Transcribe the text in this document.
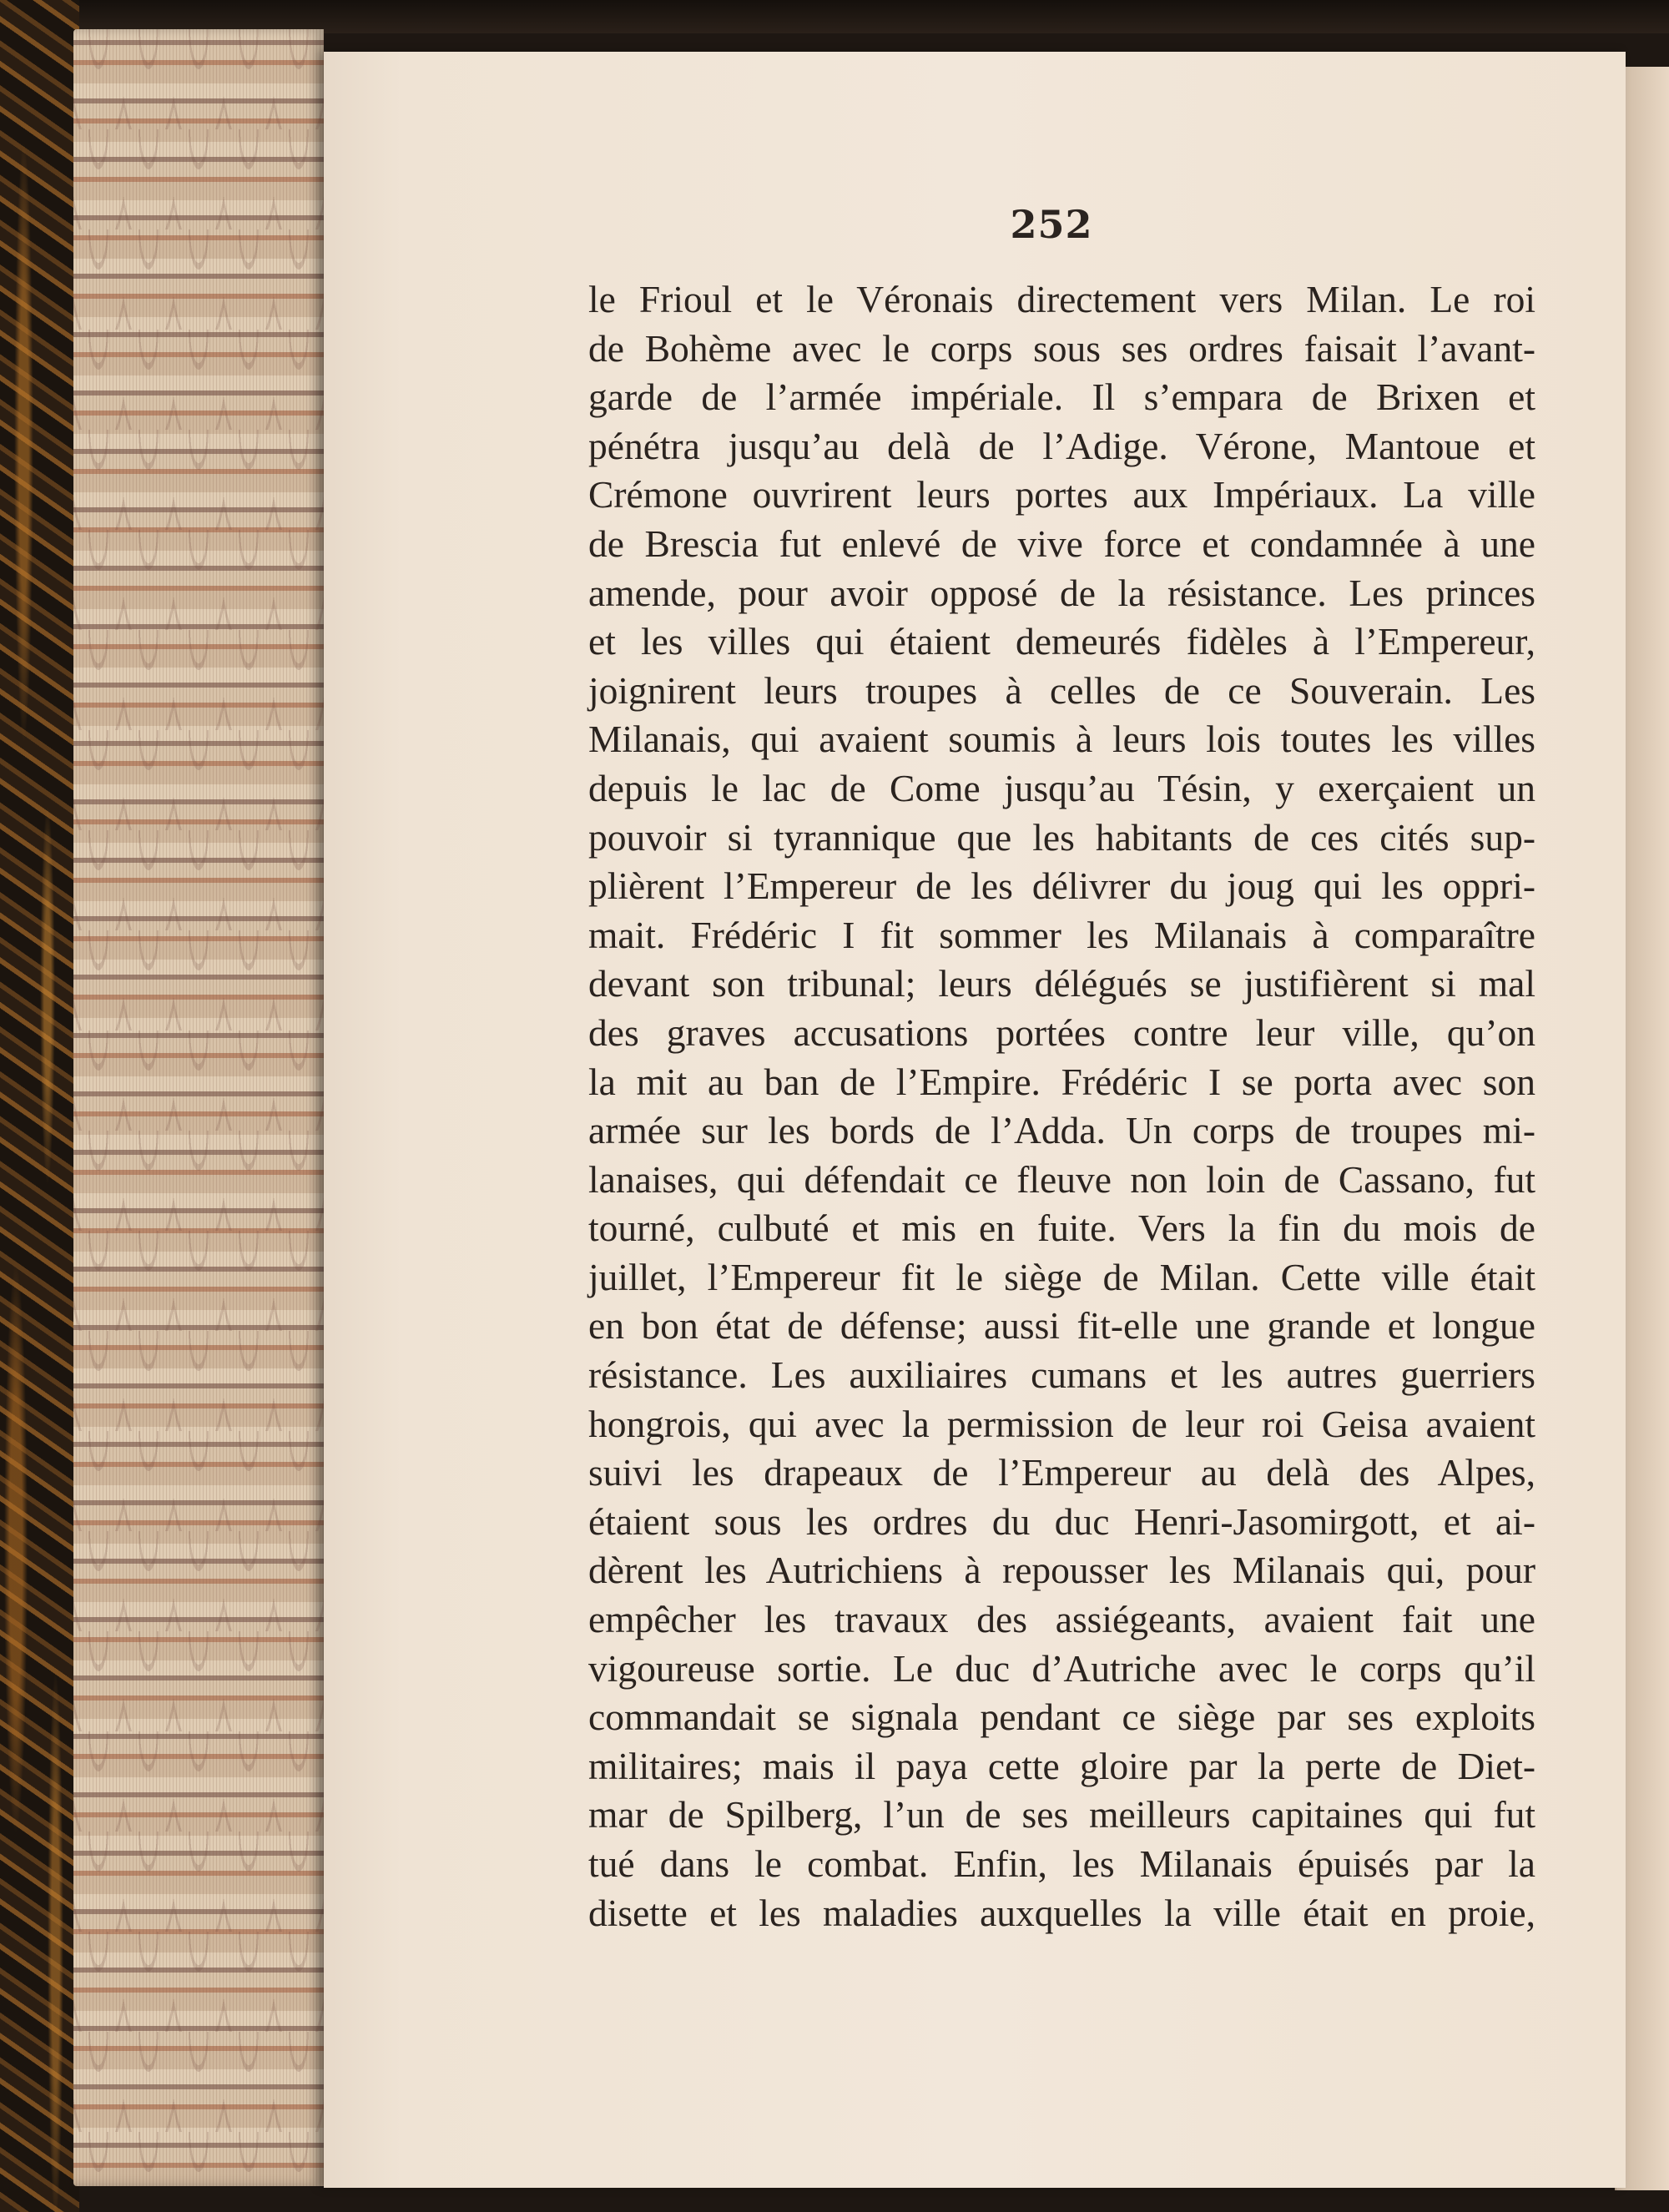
252
le Frioul et le Véronais directement vers Milan. Le roi
de Bohème avec le corps sous ses ordres faisait l’avant-
garde de l’armée impériale. Il s’empara de Brixen et
pénétra jusqu’au delà de l’Adige. Vérone, Mantoue et
Crémone ouvrirent leurs portes aux Impériaux. La ville
de Brescia fut enlevé de vive force et condamnée à une
amende, pour avoir opposé de la résistance. Les princes
et les villes qui étaient demeurés fidèles à l’Empereur,
joignirent leurs troupes à celles de ce Souverain. Les
Milanais, qui avaient soumis à leurs lois toutes les villes
depuis le lac de Come jusqu’au Tésin, y exerçaient un
pouvoir si tyrannique que les habitants de ces cités sup-
plièrent l’Empereur de les délivrer du joug qui les oppri-
mait. Frédéric I fit sommer les Milanais à comparaître
devant son tribunal; leurs délégués se justifièrent si mal
des graves accusations portées contre leur ville, qu’on
la mit au ban de l’Empire. Frédéric I se porta avec son
armée sur les bords de l’Adda. Un corps de troupes mi-
lanaises, qui défendait ce fleuve non loin de Cassano, fut
tourné, culbuté et mis en fuite. Vers la fin du mois de
juillet, l’Empereur fit le siège de Milan. Cette ville était
en bon état de défense; aussi fit-elle une grande et longue
résistance. Les auxiliaires cumans et les autres guerriers
hongrois, qui avec la permission de leur roi Geisa avaient
suivi les drapeaux de l’Empereur au delà des Alpes,
étaient sous les ordres du duc Henri-Jasomirgott, et ai-
dèrent les Autrichiens à repousser les Milanais qui, pour
empêcher les travaux des assiégeants, avaient fait une
vigoureuse sortie. Le duc d’Autriche avec le corps qu’il
commandait se signala pendant ce siège par ses exploits
militaires; mais il paya cette gloire par la perte de Diet-
mar de Spilberg, l’un de ses meilleurs capitaines qui fut
tué dans le combat. Enfin, les Milanais épuisés par la
disette et les maladies auxquelles la ville était en proie,
